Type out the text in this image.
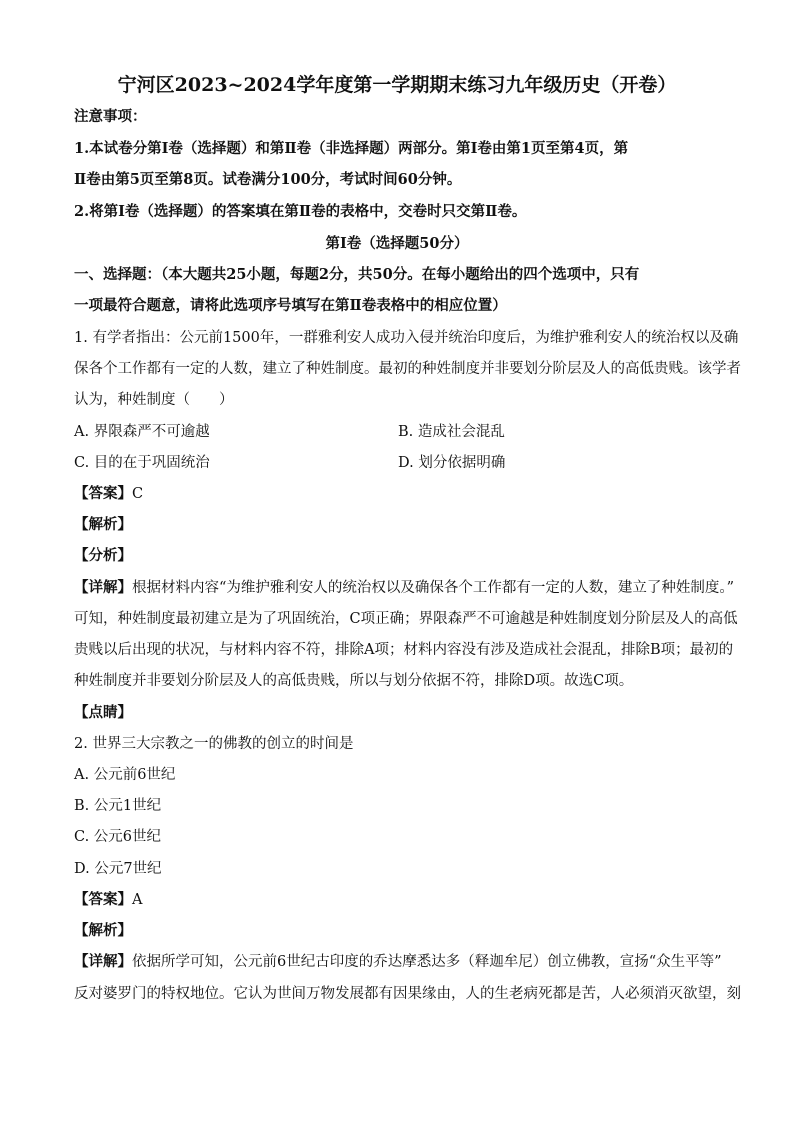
宁河区2023~2024学年度第一学期期末练习九年级历史（开卷）
注意事项：
1.本试卷分第Ⅰ卷（选择题）和第Ⅱ卷（非选择题）两部分。第Ⅰ卷由第1页至第4页，第
Ⅱ卷由第5页至第8页。试卷满分100分，考试时间60分钟。
2.将第Ⅰ卷（选择题）的答案填在第Ⅱ卷的表格中，交卷时只交第Ⅱ卷。
第Ⅰ卷（选择题50分）
一、选择题：（本大题共25小题，每题2分，共50分。在每小题给出的四个选项中，只有
一项最符合题意，请将此选项序号填写在第Ⅱ卷表格中的相应位置）
1. 有学者指出：公元前1500年，一群雅利安人成功入侵并统治印度后，为维护雅利安人的统治权以及确
保各个工作都有一定的人数，建立了种姓制度。最初的种姓制度并非要划分阶层及人的高低贵贱。该学者
认为，种姓制度（　　）
A. 界限森严不可逾越	B. 造成社会混乱
C. 目的在于巩固统治	D. 划分依据明确
【答案】C
【解析】
【分析】
【详解】根据材料内容“为维护雅利安人的统治权以及确保各个工作都有一定的人数，建立了种姓制度。”
可知，种姓制度最初建立是为了巩固统治，C项正确；界限森严不可逾越是种姓制度划分阶层及人的高低
贵贱以后出现的状况，与材料内容不符，排除A项；材料内容没有涉及造成社会混乱，排除B项；最初的
种姓制度并非要划分阶层及人的高低贵贱，所以与划分依据不符，排除D项。故选C项。
【点睛】
2. 世界三大宗教之一的佛教的创立的时间是
A. 公元前6世纪
B. 公元1世纪
C. 公元6世纪
D. 公元7世纪
【答案】A
【解析】
【详解】依据所学可知，公元前6世纪古印度的乔达摩悉达多（释迦牟尼）创立佛教，宣扬“众生平等”
反对婆罗门的特权地位。它认为世间万物发展都有因果缘由，人的生老病死都是苦，人必须消灭欲望，刻
